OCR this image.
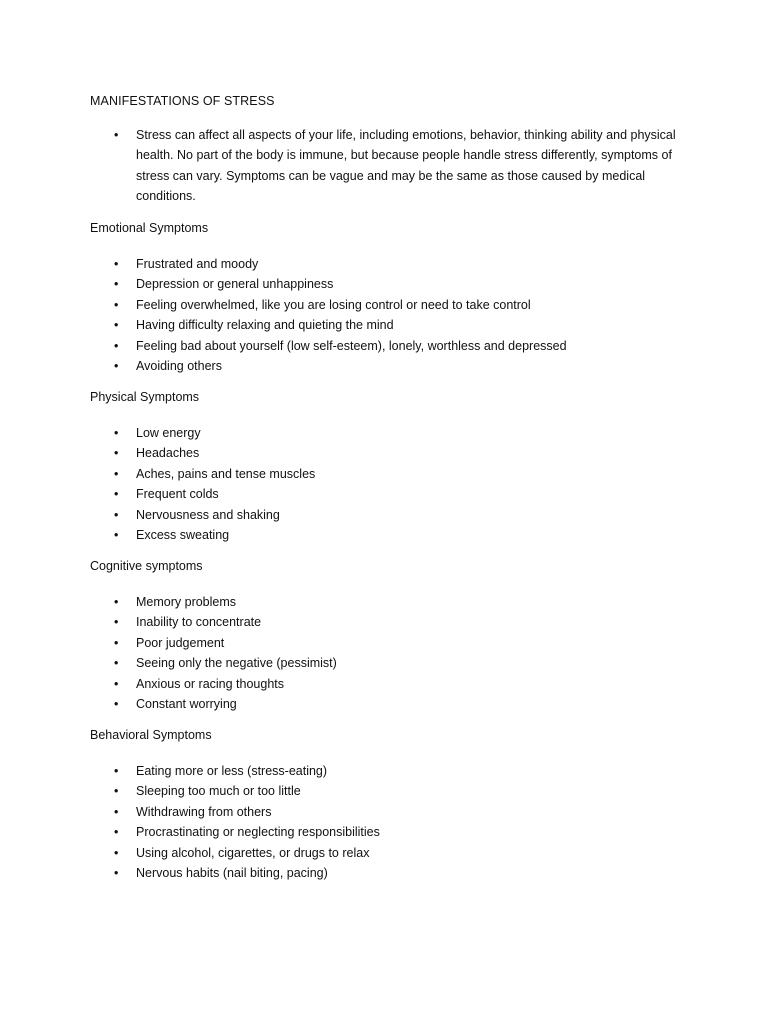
MANIFESTATIONS OF STRESS
• Stress can affect all aspects of your life, including emotions, behavior, thinking ability and physical health. No part of the body is immune, but because people handle stress differently, symptoms of stress can vary. Symptoms can be vague and may be the same as those caused by medical conditions.
Emotional Symptoms
• Frustrated and moody
• Depression or general unhappiness
• Feeling overwhelmed, like you are losing control or need to take control
• Having difficulty relaxing and quieting the mind
• Feeling bad about yourself (low self-esteem), lonely, worthless and depressed
• Avoiding others
Physical Symptoms
• Low energy
• Headaches
• Aches, pains and tense muscles
• Frequent colds
• Nervousness and shaking
• Excess sweating
Cognitive symptoms
• Memory problems
• Inability to concentrate
• Poor judgement
• Seeing only the negative (pessimist)
• Anxious or racing thoughts
• Constant worrying
Behavioral Symptoms
• Eating more or less (stress-eating)
• Sleeping too much or too little
• Withdrawing from others
• Procrastinating or neglecting responsibilities
• Using alcohol, cigarettes, or drugs to relax
• Nervous habits (nail biting, pacing)
